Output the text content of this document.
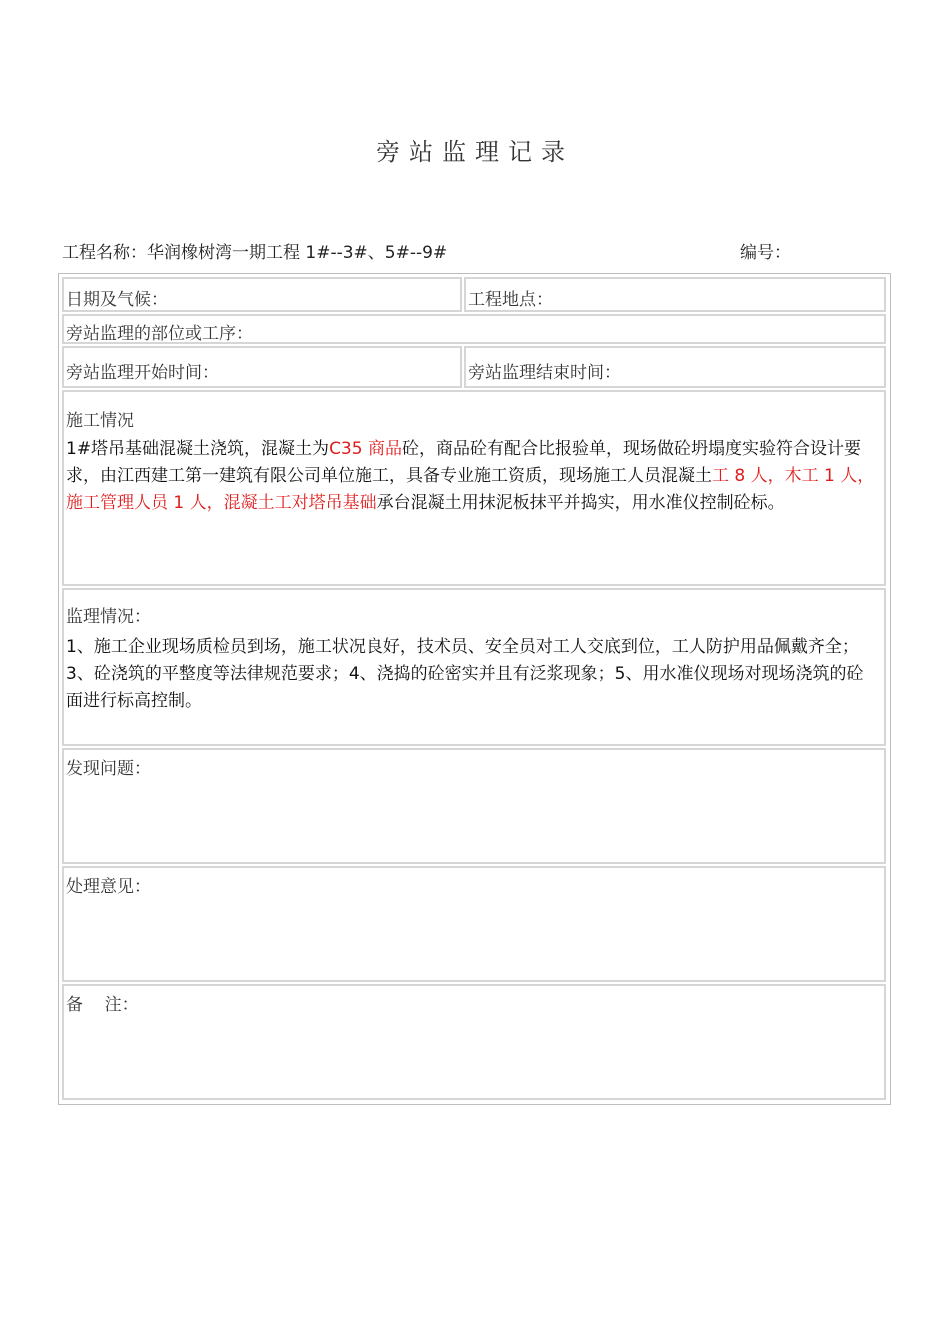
旁站监理记录
工程名称：华润橡树湾一期工程 1#--3#、5#--9#	编号：
日期及气候：	工程地点：
旁站监理的部位或工序：
旁站监理开始时间：	旁站监理结束时间：
施工情况
1#塔吊基础混凝土浇筑，混凝土为C35 商品砼，商品砼有配合比报验单，现场做砼坍塌度实验符合设计要求，由江西建工第一建筑有限公司单位施工，具备专业施工资质，现场施工人员混凝土工 8 人，木工 1 人，施工管理人员 1 人，混凝土工对塔吊基础承台混凝土用抹泥板抹平并捣实，用水准仪控制砼标。
监理情况：
1、施工企业现场质检员到场，施工状况良好，技术员、安全员对工人交底到位，工人防护用品佩戴齐全；3、砼浇筑的平整度等法律规范要求；4、浇捣的砼密实并且有泛浆现象；5、用水准仪现场对现场浇筑的砼面进行标高控制。
发现问题：
处理意见：
备    注：
